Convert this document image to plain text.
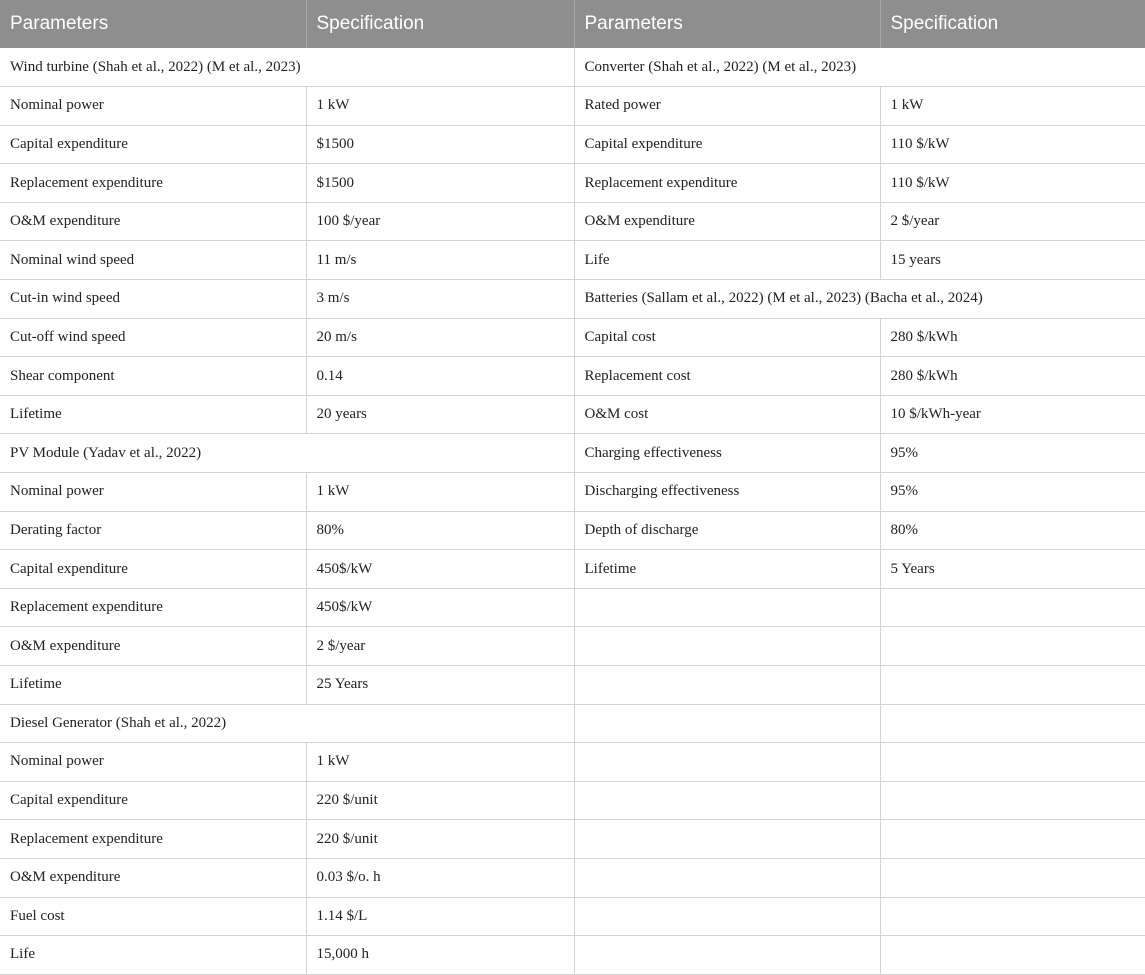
Parameters	Specification	Parameters	Specification
Wind turbine (Shah et al., 2022) (M et al., 2023)		Converter (Shah et al., 2022) (M et al., 2023)	
Nominal power	1 kW	Rated power	1 kW
Capital expenditure	$1500	Capital expenditure	110 $/kW
Replacement expenditure	$1500	Replacement expenditure	110 $/kW
O&M expenditure	100 $/year	O&M expenditure	2 $/year
Nominal wind speed	11 m/s	Life	15 years
Cut-in wind speed	3 m/s	Batteries (Sallam et al., 2022) (M et al., 2023) (Bacha et al., 2024)	
Cut-off wind speed	20 m/s	Capital cost	280 $/kWh
Shear component	0.14	Replacement cost	280 $/kWh
Lifetime	20 years	O&M cost	10 $/kWh-year
PV Module (Yadav et al., 2022)		Charging effectiveness	95%
Nominal power	1 kW	Discharging effectiveness	95%
Derating factor	80%	Depth of discharge	80%
Capital expenditure	450$/kW	Lifetime	5 Years
Replacement expenditure	450$/kW		
O&M expenditure	2 $/year		
Lifetime	25 Years		
Diesel Generator (Shah et al., 2022)			
Nominal power	1 kW		
Capital expenditure	220 $/unit		
Replacement expenditure	220 $/unit		
O&M expenditure	0.03 $/o. h		
Fuel cost	1.14 $/L		
Life	15,000 h		
